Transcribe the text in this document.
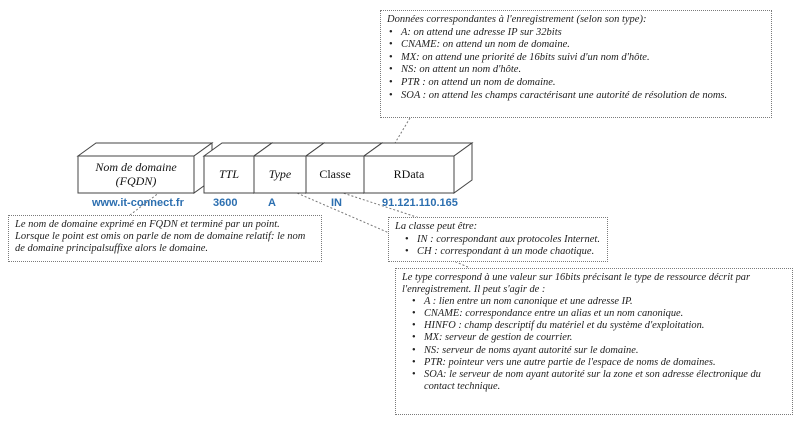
Nom de domaine
(FQDN)	TTL	Type	Classe	RData
www.it-connect.fr	3600	A	IN	91.121.110.165

Données correspondantes à l'enregistrement (selon son type):

• A: on attend une adresse IP sur 32bits
• CNAME: on attend un nom de domaine.
• MX: on attend une priorité de 16bits suivi d'un nom d'hôte.
• NS: on attent un nom d'hôte.
• PTR : on attend un nom de domaine.
• SOA : on attend les champs caractérisant une autorité de résolution de noms.

Le nom de domaine exprimé en FQDN et terminé par un point. Lorsque le point est omis on parle de nom de domaine relatif: le nom de domaine principalsuffixe alors le domaine.

La classe peut être:

• IN : correspondant aux protocoles Internet.
• CH : correspondant à un mode chaotique.

Le type correspond à une valeur sur 16bits précisant le type de ressource décrit par l'enregistrement. Il peut s'agir de :

• A : lien entre un nom canonique et une adresse IP.
• CNAME: correspondance entre un alias et un nom canonique.
• HINFO : champ descriptif du matériel et du système d'exploitation.
• MX: serveur de gestion de courrier.
• NS: serveur de noms ayant autorité sur le domaine.
• PTR: pointeur vers une autre partie de l'espace de noms de domaines.
• SOA: le serveur de nom ayant autorité sur la zone et son adresse électronique du contact technique.
